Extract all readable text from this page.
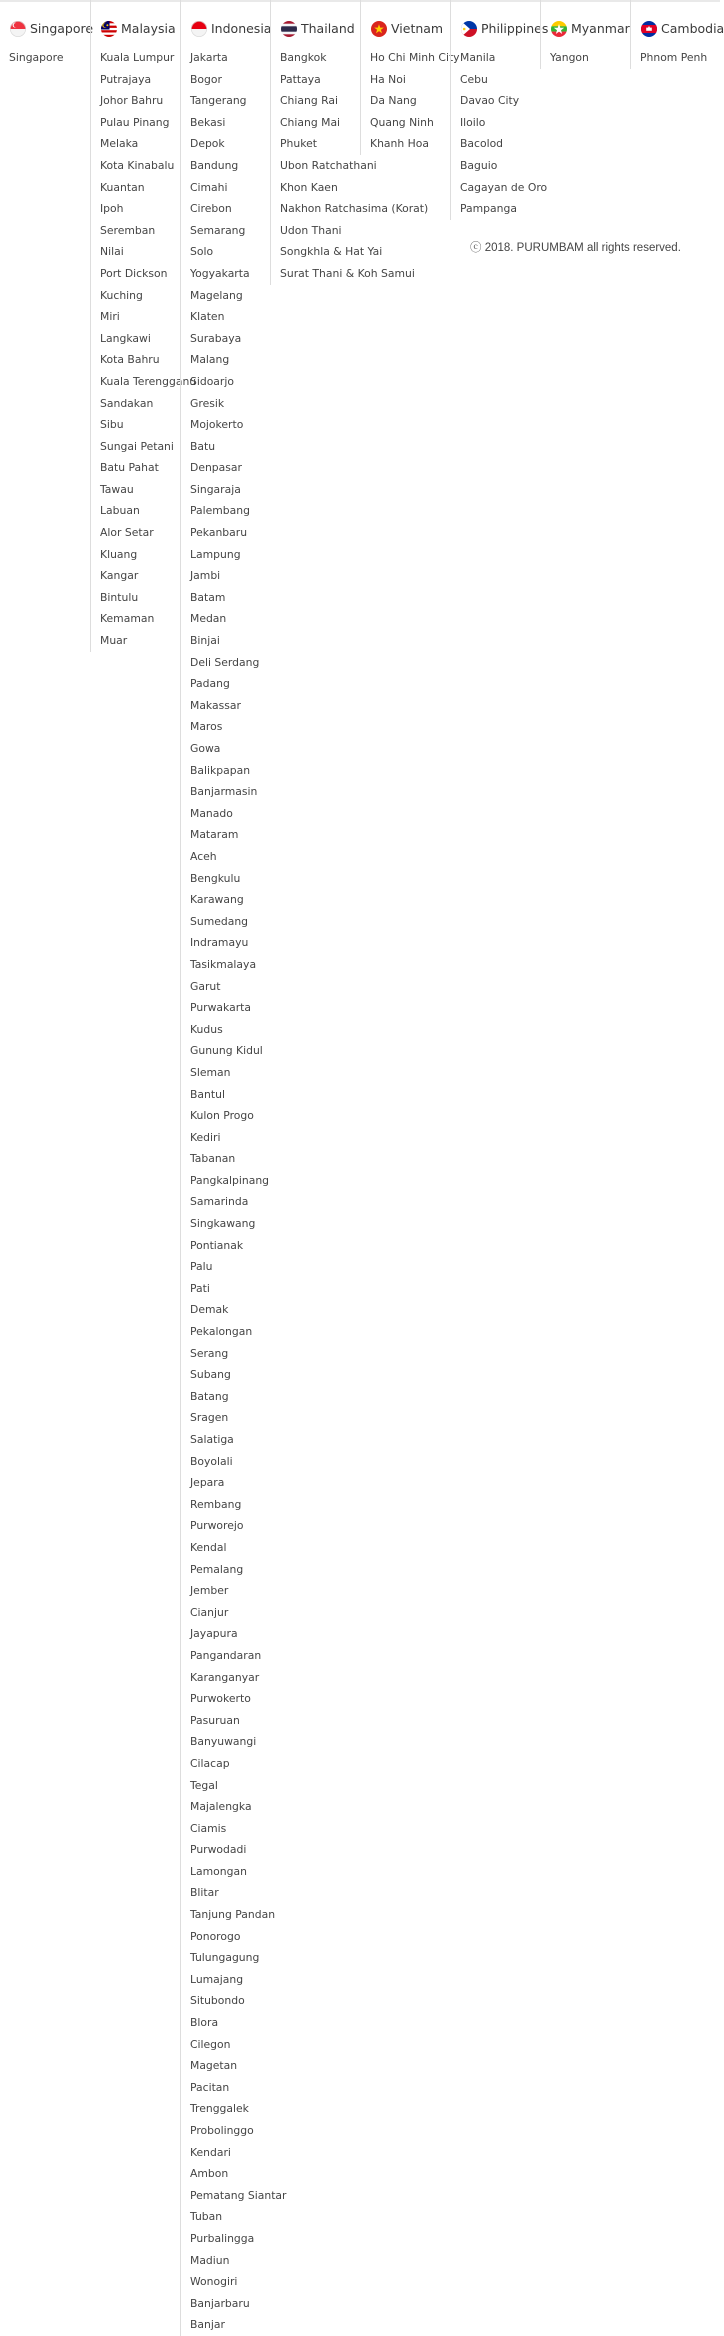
Singapore
Singapore
Malaysia
Kuala Lumpur
Putrajaya
Johor Bahru
Pulau Pinang
Melaka
Kota Kinabalu
Kuantan
Ipoh
Seremban
Nilai
Port Dickson
Kuching
Miri
Langkawi
Kota Bahru
Kuala Terengganu
Sandakan
Sibu
Sungai Petani
Batu Pahat
Tawau
Labuan
Alor Setar
Kluang
Kangar
Bintulu
Kemaman
Muar
Indonesia
Jakarta
Bogor
Tangerang
Bekasi
Depok
Bandung
Cimahi
Cirebon
Semarang
Solo
Yogyakarta
Magelang
Klaten
Surabaya
Malang
Sidoarjo
Gresik
Mojokerto
Batu
Denpasar
Singaraja
Palembang
Pekanbaru
Lampung
Jambi
Batam
Medan
Binjai
Deli Serdang
Padang
Makassar
Maros
Gowa
Balikpapan
Banjarmasin
Manado
Mataram
Aceh
Bengkulu
Karawang
Sumedang
Indramayu
Tasikmalaya
Garut
Purwakarta
Kudus
Gunung Kidul
Sleman
Bantul
Kulon Progo
Kediri
Tabanan
Pangkalpinang
Samarinda
Singkawang
Pontianak
Palu
Pati
Demak
Pekalongan
Serang
Subang
Batang
Sragen
Salatiga
Boyolali
Jepara
Rembang
Purworejo
Kendal
Pemalang
Jember
Cianjur
Jayapura
Pangandaran
Karanganyar
Purwokerto
Pasuruan
Banyuwangi
Cilacap
Tegal
Majalengka
Ciamis
Purwodadi
Lamongan
Blitar
Tanjung Pandan
Ponorogo
Tulungagung
Lumajang
Situbondo
Blora
Cilegon
Magetan
Pacitan
Trenggalek
Probolinggo
Kendari
Ambon
Pematang Siantar
Tuban
Purbalingga
Madiun
Wonogiri
Banjarbaru
Banjar
Thailand
Bangkok
Pattaya
Chiang Rai
Chiang Mai
Phuket
Ubon Ratchathani
Khon Kaen
Nakhon Ratchasima (Korat)
Udon Thani
Songkhla & Hat Yai
Surat Thani & Koh Samui
Vietnam
Ho Chi Minh City
Ha Noi
Da Nang
Quang Ninh
Khanh Hoa
Philippines
Manila
Cebu
Davao City
Iloilo
Bacolod
Baguio
Cagayan de Oro
Pampanga
Myanmar
Yangon
Cambodia
Phnom Penh
ⓒ 2018. PURUMBAM all rights reserved.
